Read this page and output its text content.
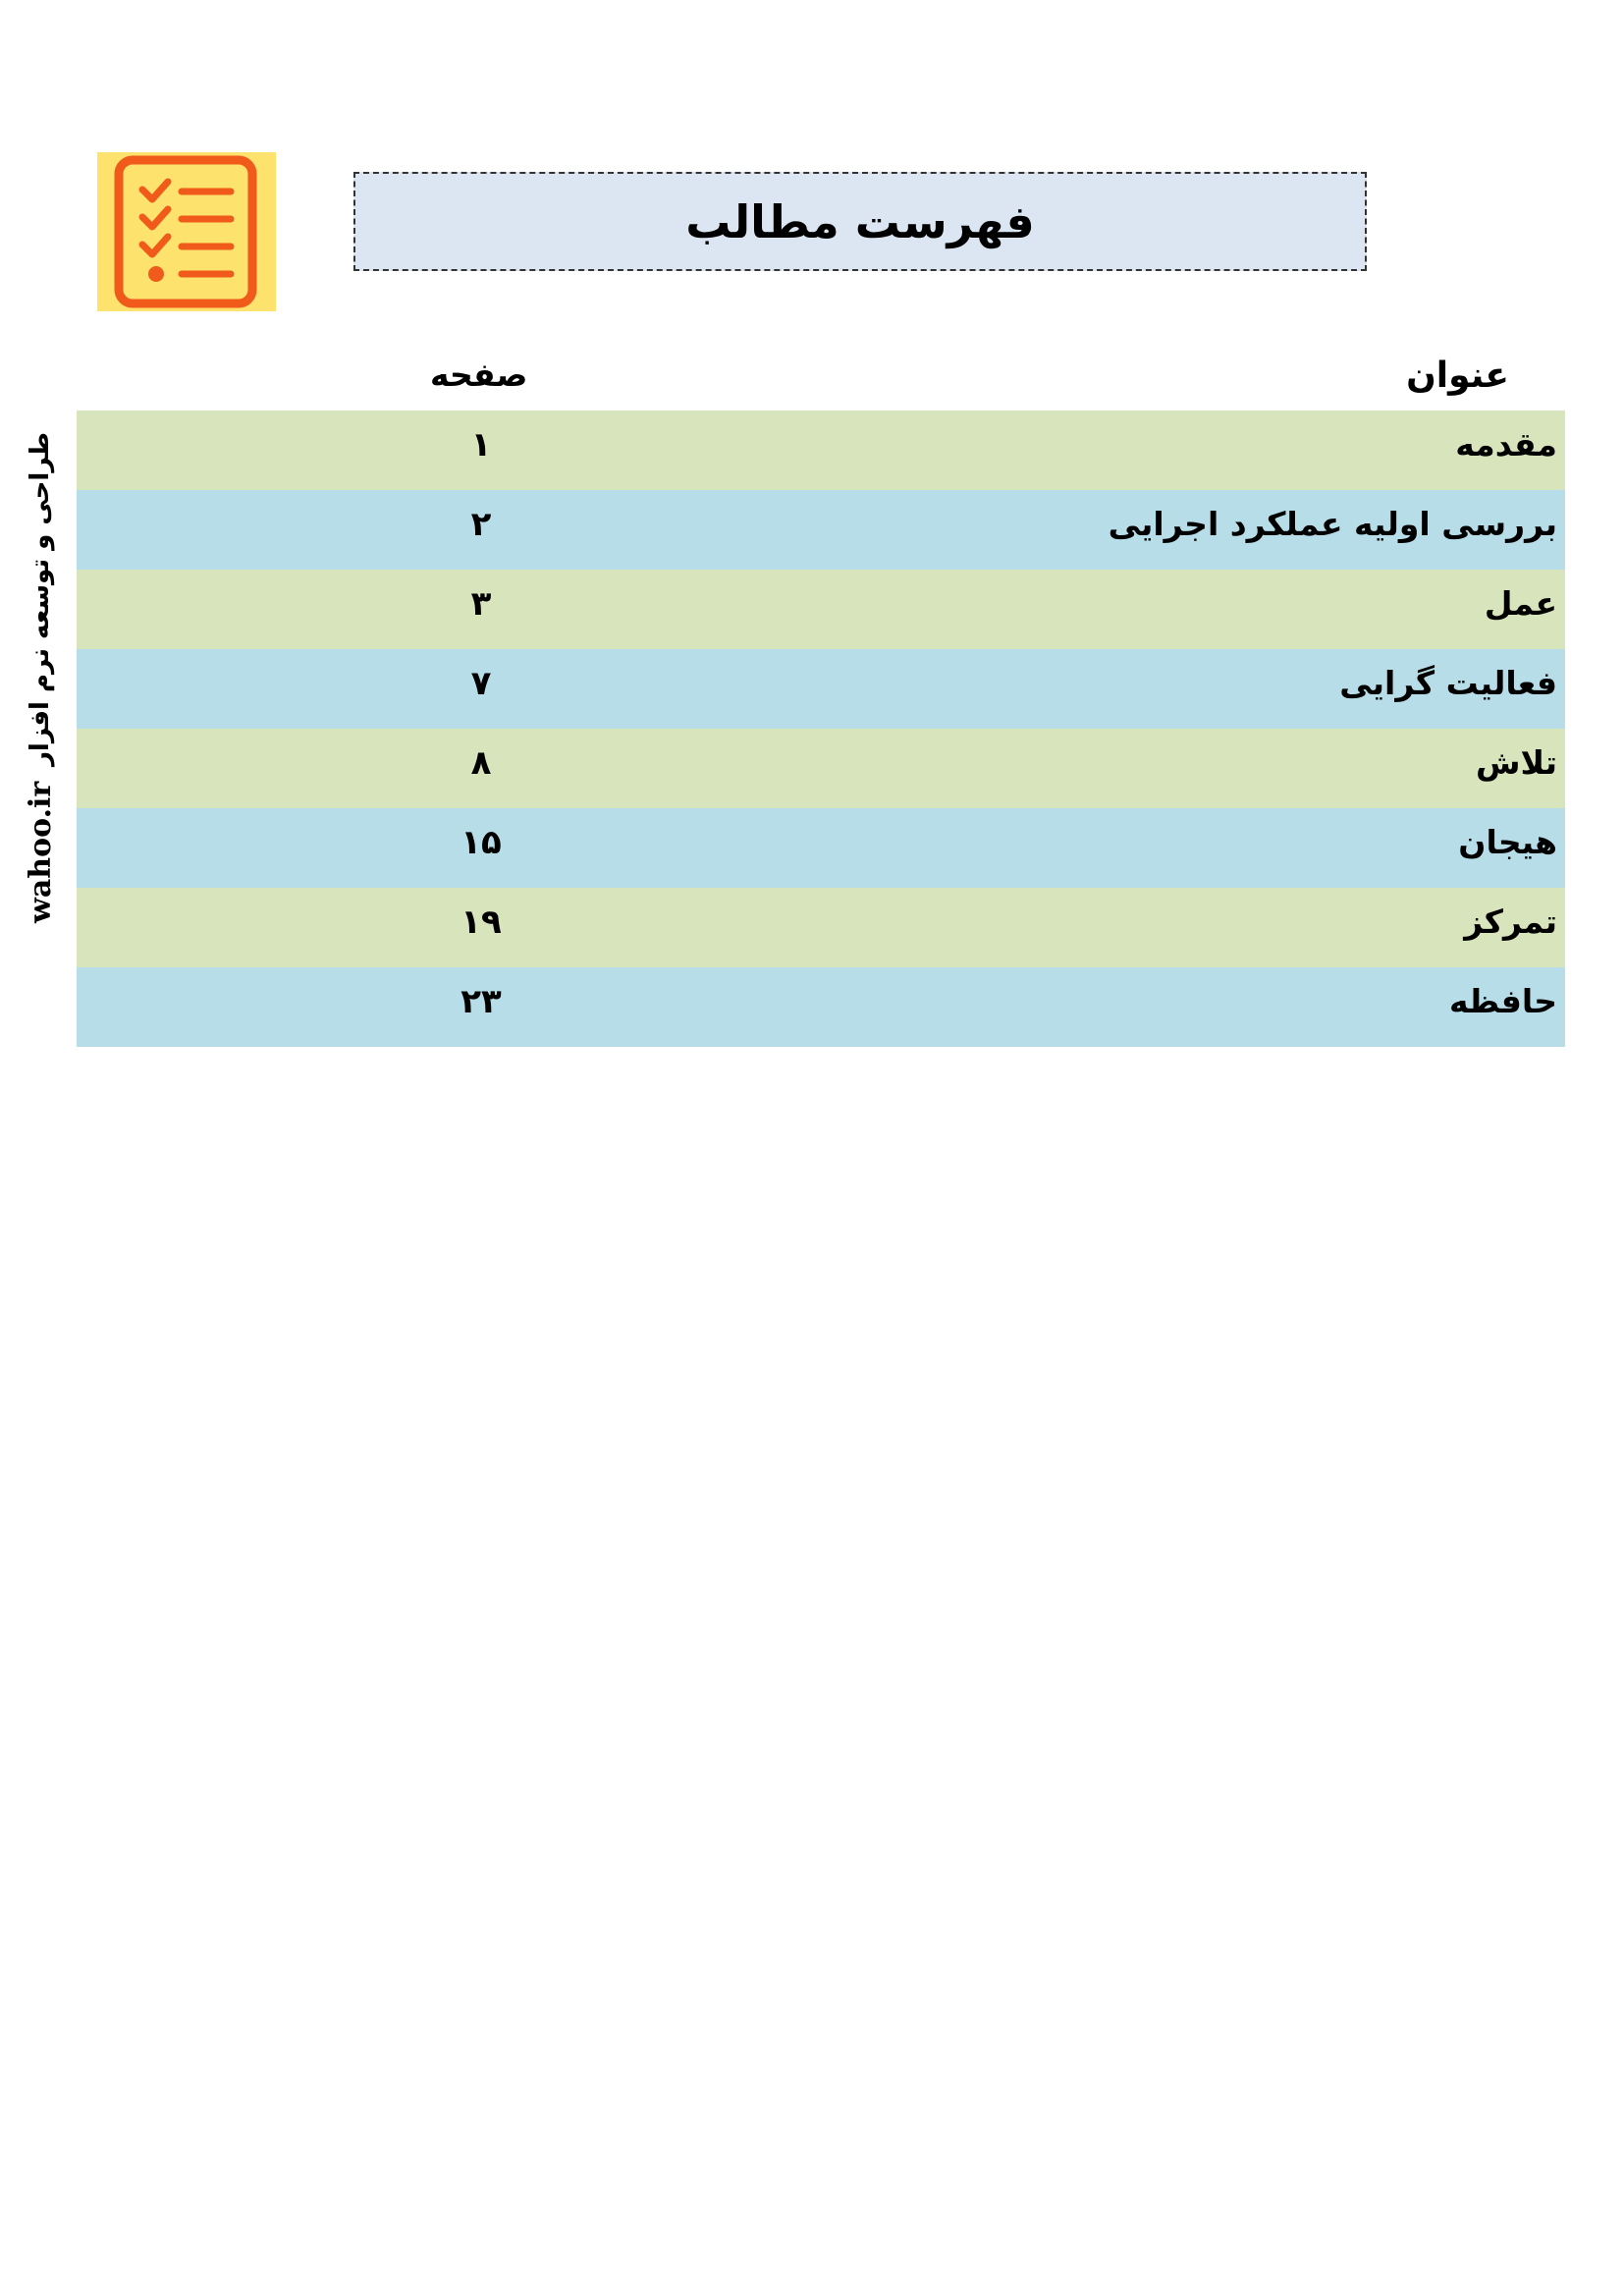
فهرست مطالب
عنوان
صفحه
مقدمه
۱
بررسی اولیه عملکرد اجرایی
۲
عمل
۳
فعالیت گرایی
۷
تلاش
۸
هیجان
۱۵
تمرکز
۱۹
حافظه
۲۳
wahoo.ir
طراحی و توسعه نرم افزار
